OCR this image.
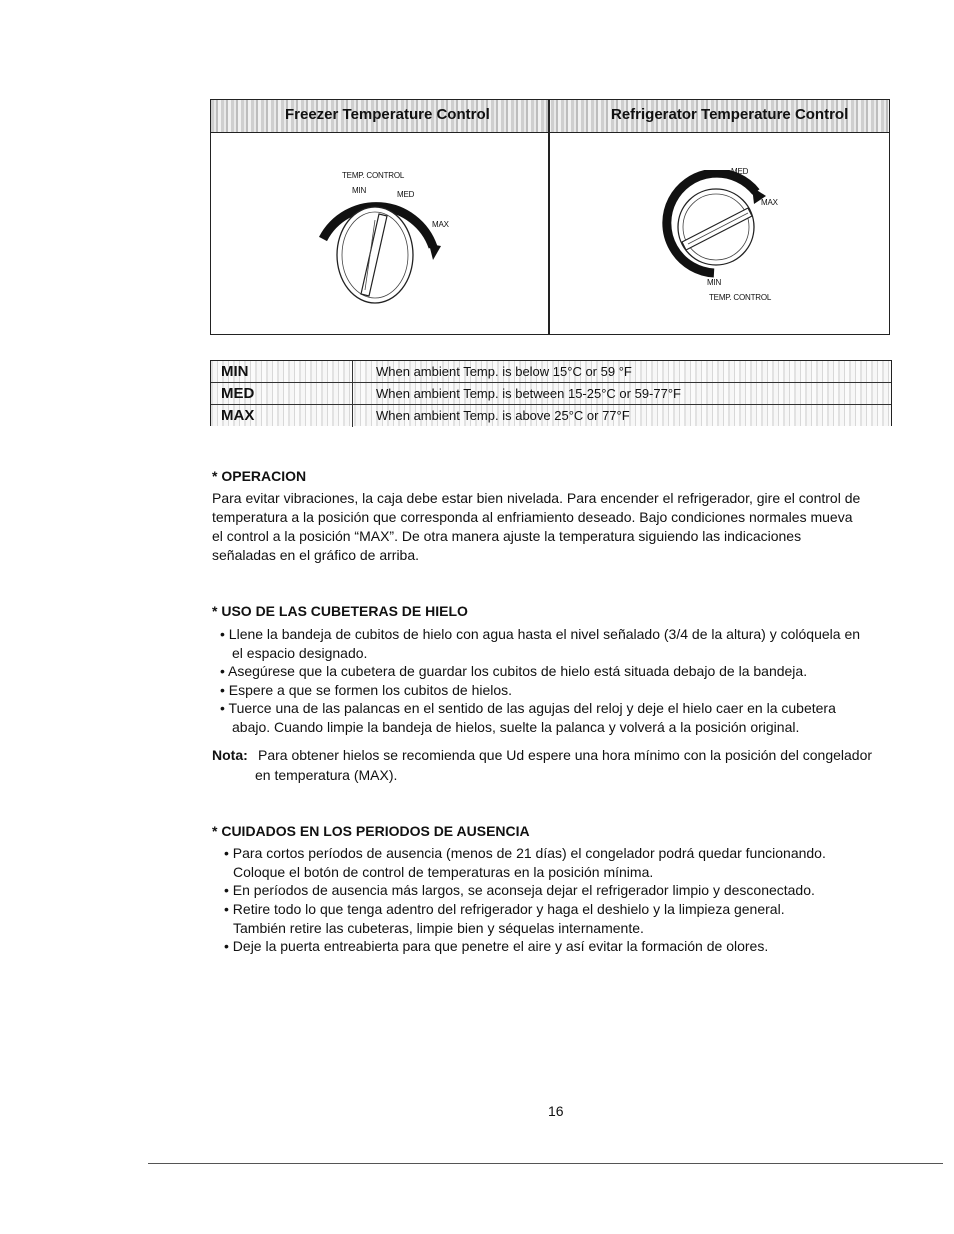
Freezer Temperature Control	Refrigerator Temperature Control
TEMP. CONTROL
MIN	MED
MAX
MED
MAX
MIN
TEMP. CONTROL
MIN	When ambient Temp. is below 15°C or 59 °F
MED	When ambient Temp. is between 15-25°C or 59-77°F
MAX	When ambient Temp. is above 25°C or 77°F
* OPERACION
Para evitar vibraciones, la caja debe estar bien nivelada. Para encender el refrigerador, gire el control de
temperatura a la posición que corresponda al enfriamiento deseado. Bajo condiciones normales mueva
el control a la posición “MAX”. De otra manera ajuste la temperatura siguiendo las indicaciones
señaladas en el gráfico de arriba.
* USO DE LAS CUBETERAS DE HIELO
• Llene la bandeja de cubitos de hielo con agua hasta el nivel señalado (3/4 de la altura) y colóquela en
el espacio designado.
• Asegúrese que la cubetera de guardar los cubitos de hielo está situada debajo de la bandeja.
• Espere a que se formen los cubitos de hielos.
• Tuerce una de las palancas en el sentido de las agujas del reloj y deje el hielo caer en la cubetera
abajo. Cuando limpie la bandeja de hielos, suelte la palanca y volverá a la posición original.
Nota: Para obtener hielos se recomienda que Ud espere una hora mínimo con la posición del congelador
en temperatura (MAX).
* CUIDADOS EN LOS PERIODOS DE AUSENCIA
• Para cortos períodos de ausencia (menos de 21 días) el congelador podrá quedar funcionando.
Coloque el botón de control de temperaturas en la posición mínima.
• En períodos de ausencia más largos, se aconseja dejar el refrigerador limpio y desconectado.
• Retire todo lo que tenga adentro del refrigerador y haga el deshielo y la limpieza general.
También retire las cubeteras, limpie bien y séquelas internamente.
• Deje la puerta entreabierta para que penetre el aire y así evitar la formación de olores.
16
